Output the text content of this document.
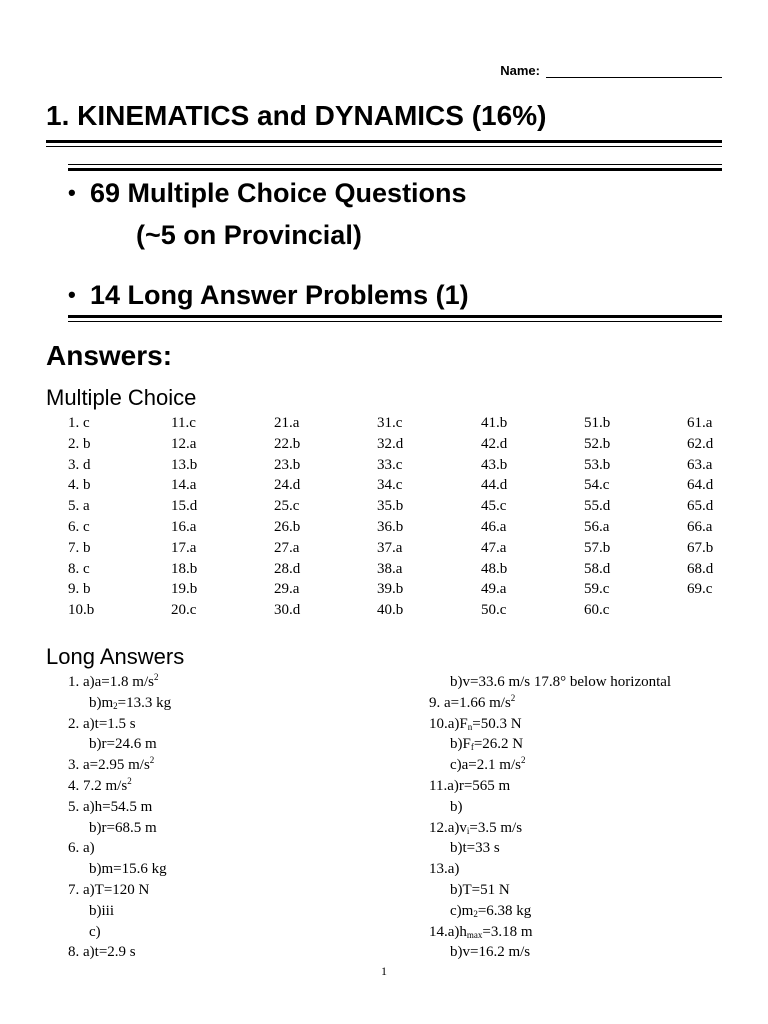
Name:
1. KINEMATICS and DYNAMICS (16%)
• 69 Multiple Choice Questions
(~5 on Provincial)
• 14 Long Answer Problems (1)
Answers:
Multiple Choice
1. c
2. b
3. d
4. b
5. a
6. c
7. b
8. c
9. b
10.b
11.c
12.a
13.b
14.a
15.d
16.a
17.a
18.b
19.b
20.c
21.a
22.b
23.b
24.d
25.c
26.b
27.a
28.d
29.a
30.d
31.c
32.d
33.c
34.c
35.b
36.b
37.a
38.a
39.b
40.b
41.b
42.d
43.b
44.d
45.c
46.a
47.a
48.b
49.a
50.c
51.b
52.b
53.b
54.c
55.d
56.a
57.b
58.d
59.c
60.c
61.a
62.d
63.a
64.d
65.d
66.a
67.b
68.d
69.c
Long Answers
1. a)a=1.8 $m/s^2$
$b)m_2=13.3$ kg
2. a)t=1.5 s
b)r=24.6 m
3. a=2.95 $m/s^2$
4. 7.2 $m/s^2$
5. a)h=54.5 m
b)r=68.5 m
6. a)
b)m=15.6 kg
7. a)T=120 N
b)iii
c)
8. a)t=2.9 s
b)v=33.6 m/s 17.8° below horizontal
9. a=1.66 $m/s^2$
$10.a)F_n=50.3$ N
$b)F_f=26.2$ N
c)a=2.1 $m/s^2$
11.a)r=565 m
b)
$12.a)v_i=3.5$ m/s
b)t=33 s
13.a)
b)T=51 N
$c)m_2=6.38$ kg
$14.a)h_{max}=3.18$ m
b)v=16.2 m/s
1
